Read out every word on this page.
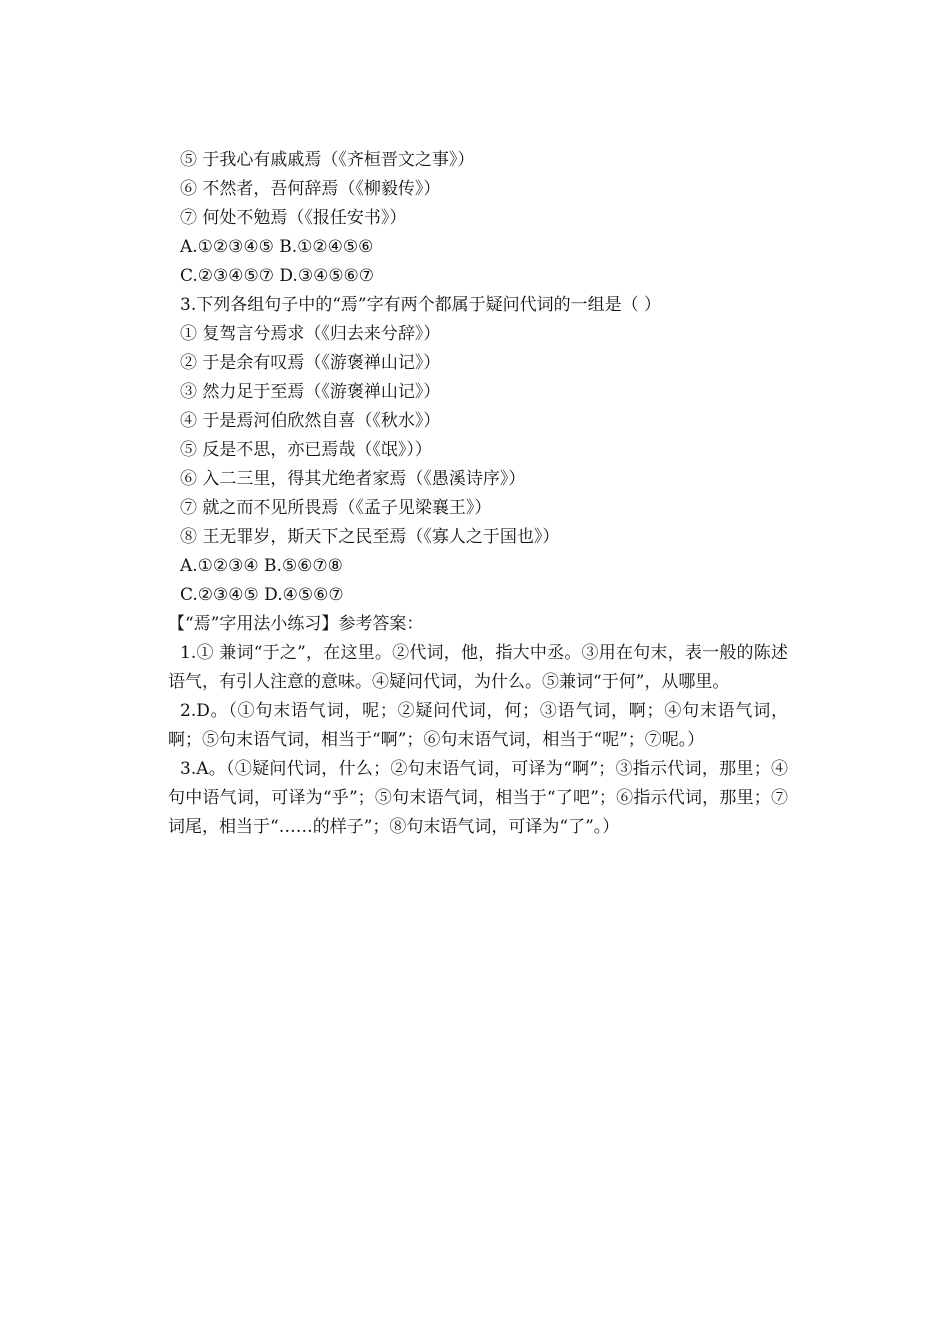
⑤ 于我心有戚戚焉（《齐桓晋文之事》）
⑥ 不然者，吾何辞焉（《柳毅传》）
⑦ 何处不勉焉（《报任安书》）
A.①②③④⑤ B.①②④⑤⑥
C.②③④⑤⑦ D.③④⑤⑥⑦
3.下列各组句子中的“焉”字有两个都属于疑问代词的一组是（ ）
① 复驾言兮焉求（《归去来兮辞》）
② 于是余有叹焉（《游褒禅山记》）
③ 然力足于至焉（《游褒禅山记》）
④ 于是焉河伯欣然自喜（《秋水》）
⑤ 反是不思，亦已焉哉（《氓》））
⑥ 入二三里，得其尤绝者家焉（《愚溪诗序》）
⑦ 就之而不见所畏焉（《孟子见梁襄王》）
⑧ 王无罪岁，斯天下之民至焉（《寡人之于国也》）
A.①②③④ B.⑤⑥⑦⑧
C.②③④⑤ D.④⑤⑥⑦
【“焉”字用法小练习】参考答案：
1.① 兼词“于之”，在这里。②代词，他，指大中丞。③用在句末，表一般的陈述语气，有引人注意的意味。④疑问代词，为什么。⑤兼词“于何”，从哪里。
2.D。（①句末语气词，呢；②疑问代词，何；③语气词，啊；④句末语气词，啊；⑤句末语气词，相当于“啊”；⑥句末语气词，相当于“呢”；⑦呢。）
3.A。（①疑问代词，什么；②句末语气词，可译为“啊”；③指示代词，那里；④句中语气词，可译为“乎”；⑤句末语气词，相当于“了吧”；⑥指示代词，那里；⑦词尾，相当于“……的样子”；⑧句末语气词，可译为“了”。）
